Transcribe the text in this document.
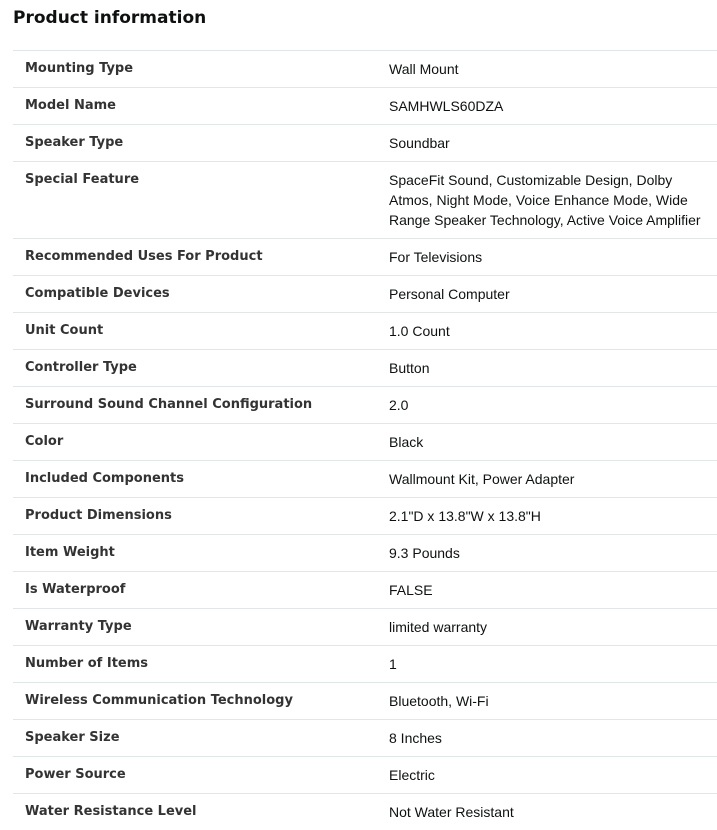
Product information
Mounting Type	Wall Mount
Model Name	SAMHWLS60DZA
Speaker Type	Soundbar
Special Feature	SpaceFit Sound, Customizable Design, Dolby Atmos, Night Mode, Voice Enhance Mode, Wide Range Speaker Technology, Active Voice Amplifier
Recommended Uses For Product	For Televisions
Compatible Devices	Personal Computer
Unit Count	1.0 Count
Controller Type	Button
Surround Sound Channel Configuration	2.0
Color	Black
Included Components	Wallmount Kit, Power Adapter
Product Dimensions	2.1"D x 13.8"W x 13.8"H
Item Weight	9.3 Pounds
Is Waterproof	FALSE
Warranty Type	limited warranty
Number of Items	1
Wireless Communication Technology	Bluetooth, Wi-Fi
Speaker Size	8 Inches
Power Source	Electric
Water Resistance Level	Not Water Resistant
